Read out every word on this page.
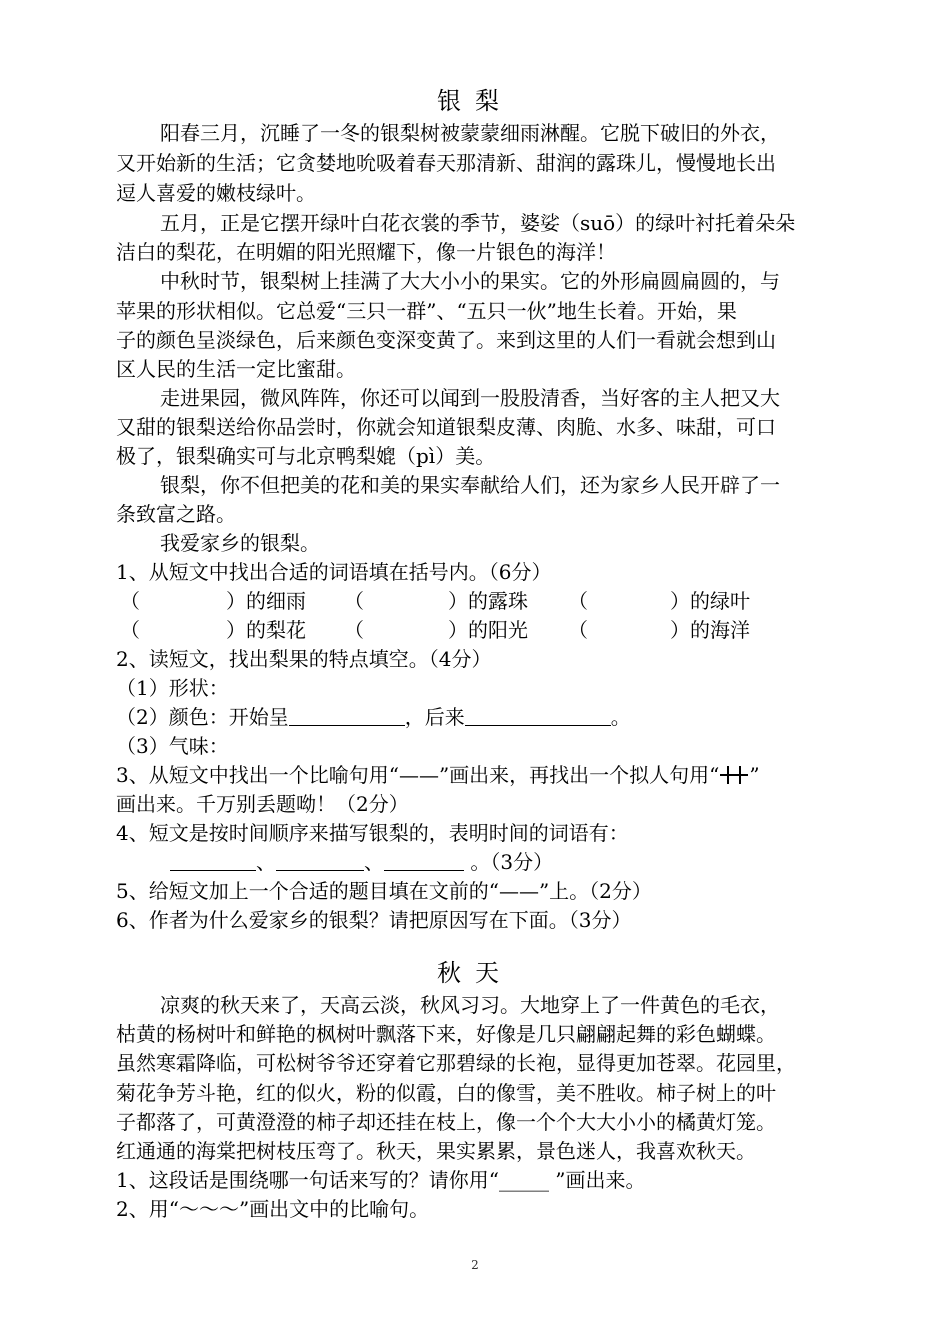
银梨
阳春三月，沉睡了一冬的银梨树被蒙蒙细雨淋醒。它脱下破旧的外衣，
又开始新的生活；它贪婪地吮吸着春天那清新、甜润的露珠儿，慢慢地长出
逗人喜爱的嫩枝绿叶。
五月，正是它摆开绿叶白花衣裳的季节，婆娑（suō）的绿叶衬托着朵朵
洁白的梨花，在明媚的阳光照耀下，像一片银色的海洋！
中秋时节，银梨树上挂满了大大小小的果实。它的外形扁圆扁圆的，与
苹果的形状相似。它总爱“三只一群”、“五只一伙”地生长着。开始，果
子的颜色呈淡绿色，后来颜色变深变黄了。来到这里的人们一看就会想到山
区人民的生活一定比蜜甜。
走进果园，微风阵阵，你还可以闻到一股股清香，当好客的主人把又大
又甜的银梨送给你品尝时，你就会知道银梨皮薄、肉脆、水多、味甜，可口
极了，银梨确实可与北京鸭梨媲（pì）美。
银梨，你不但把美的花和美的果实奉献给人们，还为家乡人民开辟了一
条致富之路。
我爱家乡的银梨。
1、从短文中找出合适的词语填在括号内。（6分）
（	）的细雨 （	）的露珠 （	）的绿叶
（	）的梨花 （	）的阳光 （	）的海洋
2、读短文，找出梨果的特点填空。（4分）
（1）形状：
（2）颜色：开始呈	，后来	。
（3）气味：
3、从短文中找出一个比喻句用“——”画出来，再找出一个拟人句用“ ”
画出来。千万别丢题呦！（2分）
4、短文是按时间顺序来描写银梨的，表明时间的词语有：
、	、	。（3分）
5、给短文加上一个合适的题目填在文前的“——”上。（2分）
6、作者为什么爱家乡的银梨？请把原因写在下面。（3分）
秋天
凉爽的秋天来了，天高云淡，秋风习习。大地穿上了一件黄色的毛衣，
枯黄的杨树叶和鲜艳的枫树叶飘落下来，好像是几只翩翩起舞的彩色蝴蝶。
虽然寒霜降临，可松树爷爷还穿着它那碧绿的长袍，显得更加苍翠。花园里，
菊花争芳斗艳，红的似火，粉的似霞，白的像雪，美不胜收。柿子树上的叶
子都落了，可黄澄澄的柿子却还挂在枝上，像一个个大大小小的橘黄灯笼。
红通通的海棠把树枝压弯了。秋天，果实累累，景色迷人，我喜欢秋天。
1、这段话是围绕哪一句话来写的？请你用“_____ ”画出来。
2、用“～～～”画出文中的比喻句。
2
